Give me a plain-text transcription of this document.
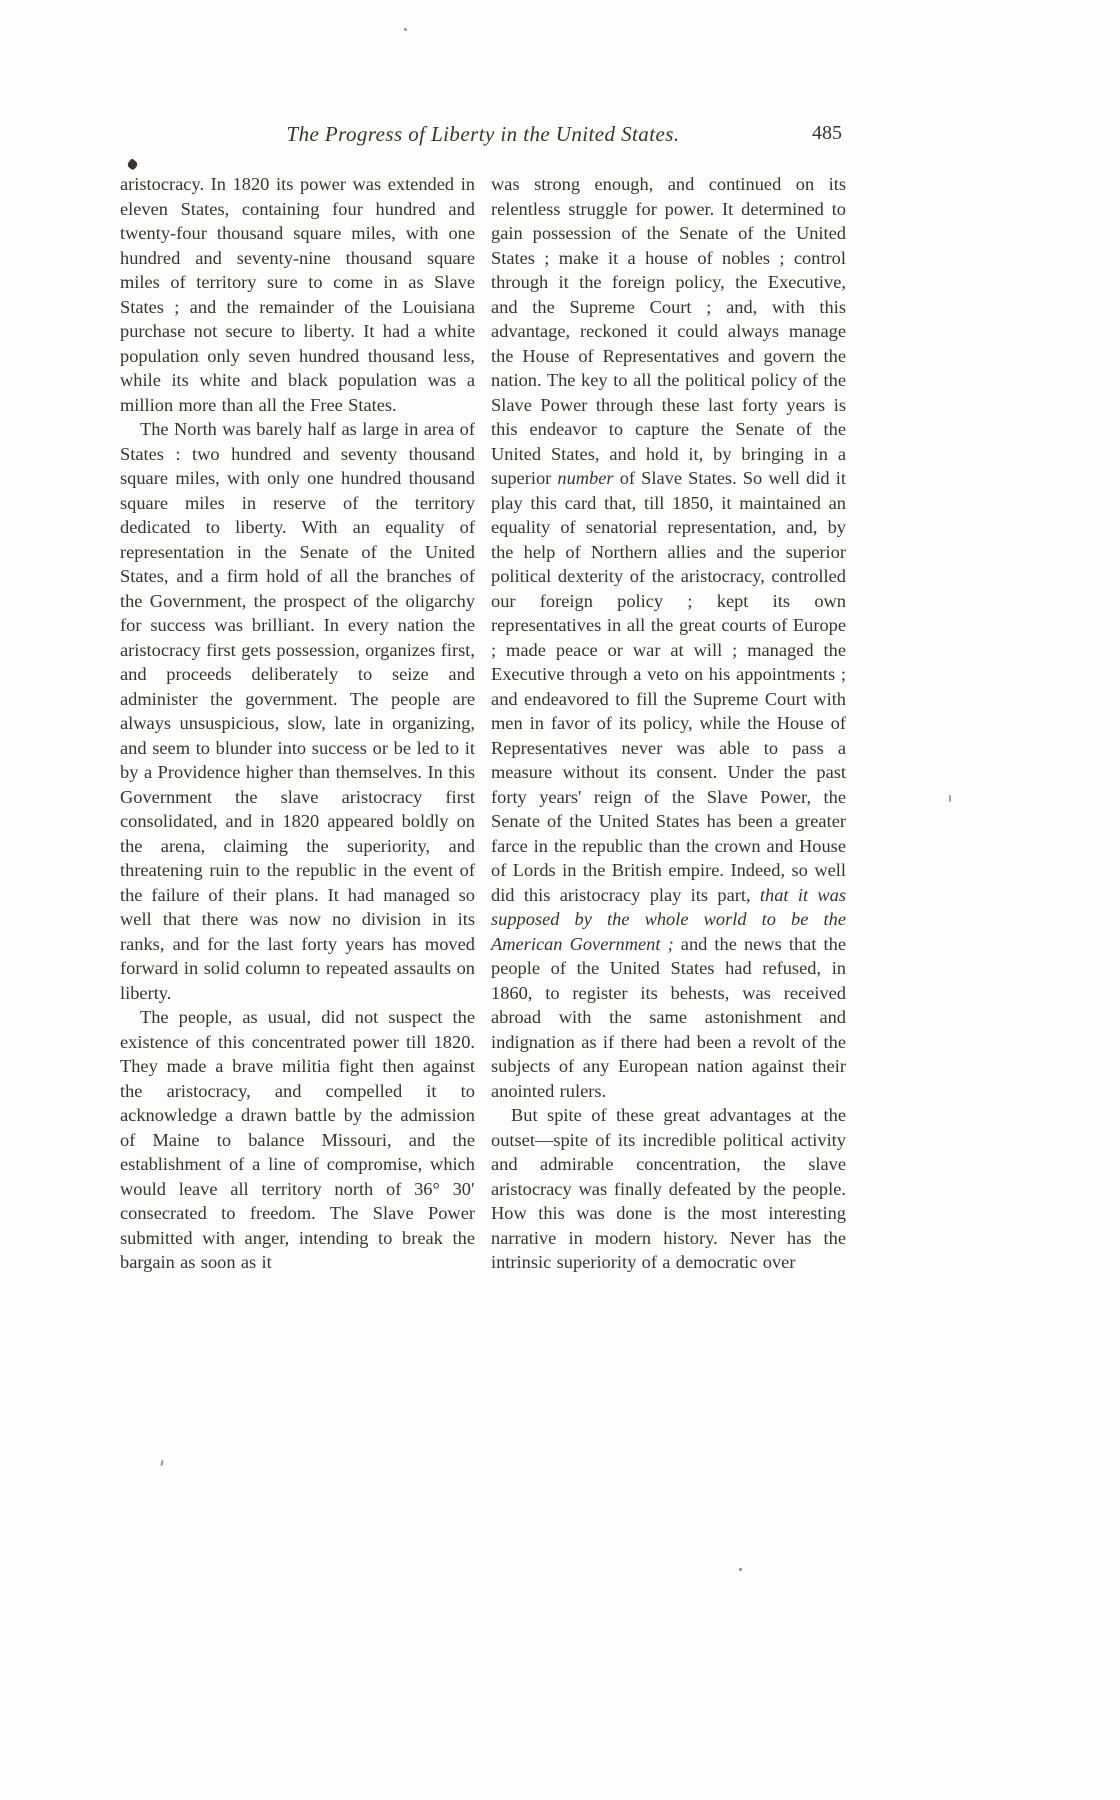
The Progress of Liberty in the United States.	485

aristocracy. In 1820 its power was extended in eleven States, containing four hundred and twenty-four thousand square miles, with one hundred and seventy-nine thousand square miles of territory sure to come in as Slave States ; and the remainder of the Louisiana purchase not secure to liberty. It had a white population only seven hundred thousand less, while its white and black population was a million more than all the Free States.

The North was barely half as large in area of States : two hundred and seventy thousand square miles, with only one hundred thousand square miles in reserve of the territory dedicated to liberty. With an equality of representation in the Senate of the United States, and a firm hold of all the branches of the Government, the prospect of the oligarchy for success was brilliant. In every nation the aristocracy first gets possession, organizes first, and proceeds deliberately to seize and administer the government. The people are always unsuspicious, slow, late in organizing, and seem to blunder into success or be led to it by a Providence higher than themselves. In this Government the slave aristocracy first consolidated, and in 1820 appeared boldly on the arena, claiming the superiority, and threatening ruin to the republic in the event of the failure of their plans. It had managed so well that there was now no division in its ranks, and for the last forty years has moved forward in solid column to repeated assaults on liberty.

The people, as usual, did not suspect the existence of this concentrated power till 1820. They made a brave militia fight then against the aristocracy, and compelled it to acknowledge a drawn battle by the admission of Maine to balance Missouri, and the establishment of a line of compromise, which would leave all territory north of 36° 30′ consecrated to freedom. The Slave Power submitted with anger, intending to break the bargain as soon as it

was strong enough, and continued on its relentless struggle for power. It determined to gain possession of the Senate of the United States ; make it a house of nobles ; control through it the foreign policy, the Executive, and the Supreme Court ; and, with this advantage, reckoned it could always manage the House of Representatives and govern the nation. The key to all the political policy of the Slave Power through these last forty years is this endeavor to capture the Senate of the United States, and hold it, by bringing in a superior number of Slave States. So well did it play this card that, till 1850, it maintained an equality of senatorial representation, and, by the help of Northern allies and the superior political dexterity of the aristocracy, controlled our foreign policy ; kept its own representatives in all the great courts of Europe ; made peace or war at will ; managed the Executive through a veto on his appointments ; and endeavored to fill the Supreme Court with men in favor of its policy, while the House of Representatives never was able to pass a measure without its consent. Under the past forty years' reign of the Slave Power, the Senate of the United States has been a greater farce in the republic than the crown and House of Lords in the British empire. Indeed, so well did this aristocracy play its part, that it was supposed by the whole world to be the American Government ; and the news that the people of the United States had refused, in 1860, to register its behests, was received abroad with the same astonishment and indignation as if there had been a revolt of the subjects of any European nation against their anointed rulers.

But spite of these great advantages at the outset—spite of its incredible political activity and admirable concentration, the slave aristocracy was finally defeated by the people. How this was done is the most interesting narrative in modern history. Never has the intrinsic superiority of a democratic over
